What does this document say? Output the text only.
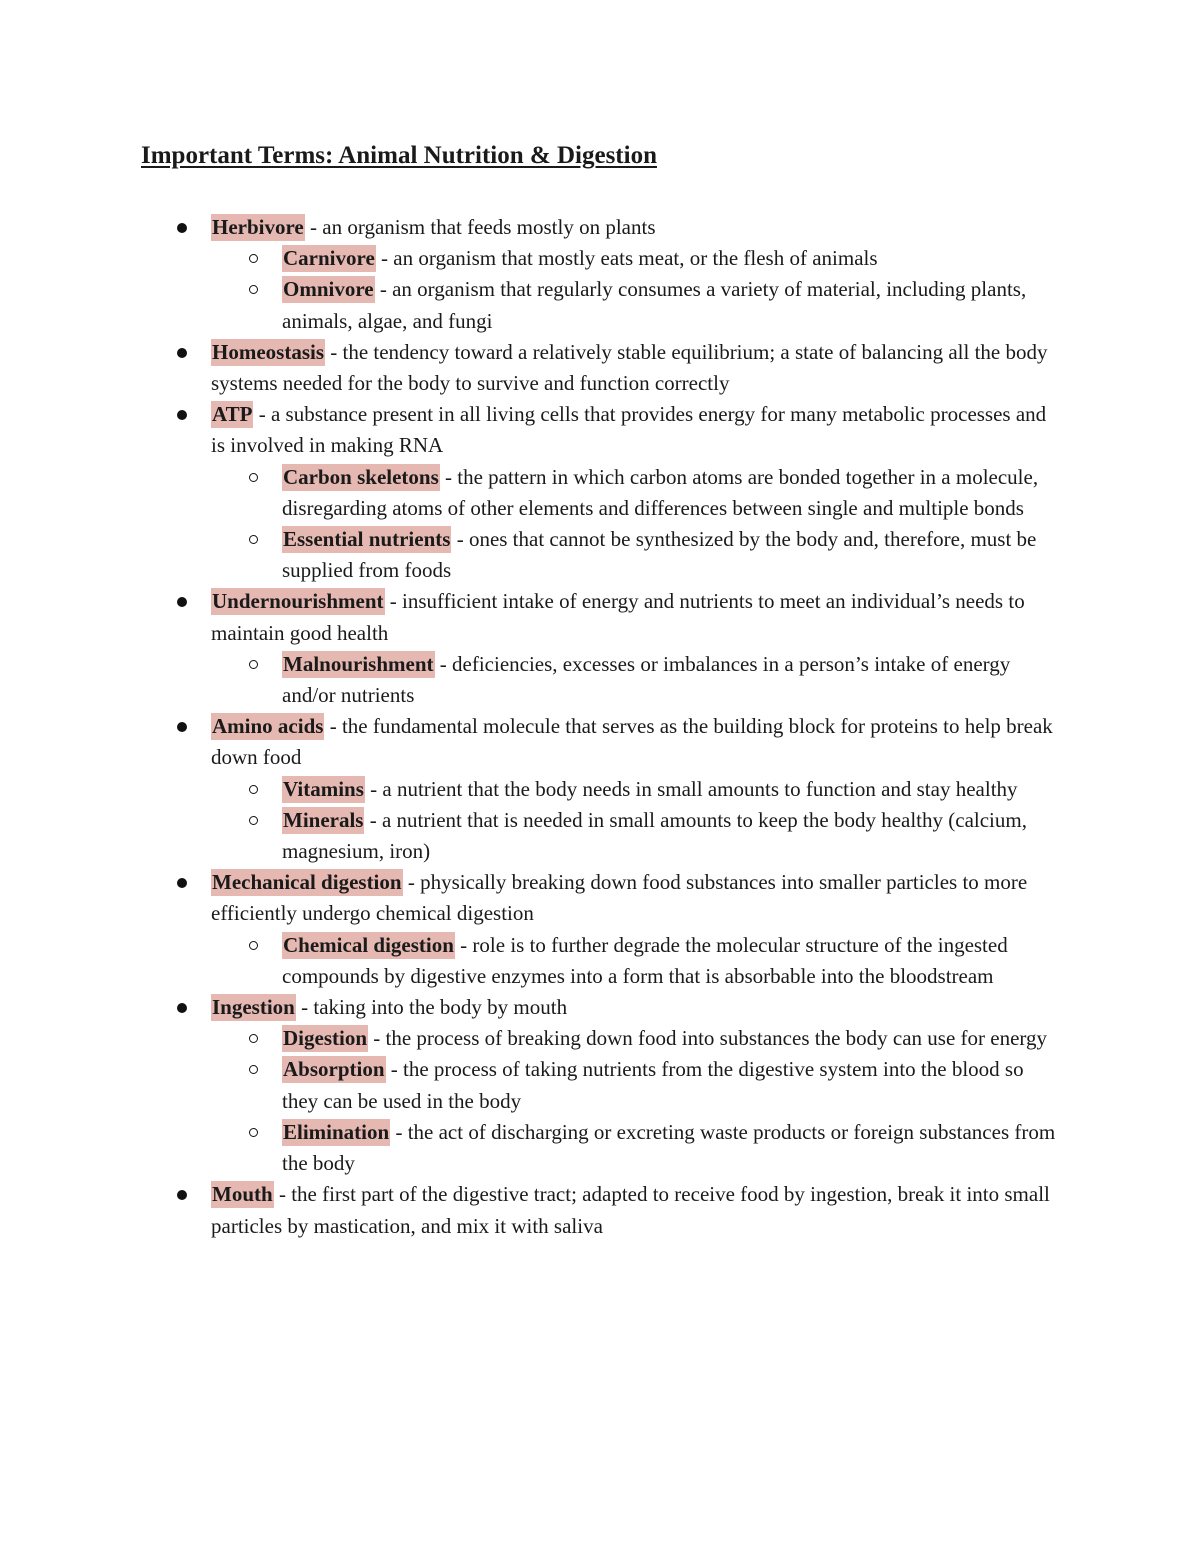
Important Terms: Animal Nutrition & Digestion
Herbivore - an organism that feeds mostly on plants
Carnivore - an organism that mostly eats meat, or the flesh of animals
Omnivore - an organism that regularly consumes a variety of material, including plants, animals, algae, and fungi
Homeostasis - the tendency toward a relatively stable equilibrium; a state of balancing all the body systems needed for the body to survive and function correctly
ATP - a substance present in all living cells that provides energy for many metabolic processes and is involved in making RNA
Carbon skeletons - the pattern in which carbon atoms are bonded together in a molecule, disregarding atoms of other elements and differences between single and multiple bonds
Essential nutrients - ones that cannot be synthesized by the body and, therefore, must be supplied from foods
Undernourishment - insufficient intake of energy and nutrients to meet an individual’s needs to maintain good health
Malnourishment - deficiencies, excesses or imbalances in a person’s intake of energy and/or nutrients
Amino acids - the fundamental molecule that serves as the building block for proteins to help break down food
Vitamins - a nutrient that the body needs in small amounts to function and stay healthy
Minerals - a nutrient that is needed in small amounts to keep the body healthy (calcium, magnesium, iron)
Mechanical digestion - physically breaking down food substances into smaller particles to more efficiently undergo chemical digestion
Chemical digestion - role is to further degrade the molecular structure of the ingested compounds by digestive enzymes into a form that is absorbable into the bloodstream
Ingestion - taking into the body by mouth
Digestion - the process of breaking down food into substances the body can use for energy
Absorption - the process of taking nutrients from the digestive system into the blood so they can be used in the body
Elimination - the act of discharging or excreting waste products or foreign substances from the body
Mouth - the first part of the digestive tract; adapted to receive food by ingestion, break it into small particles by mastication, and mix it with saliva
